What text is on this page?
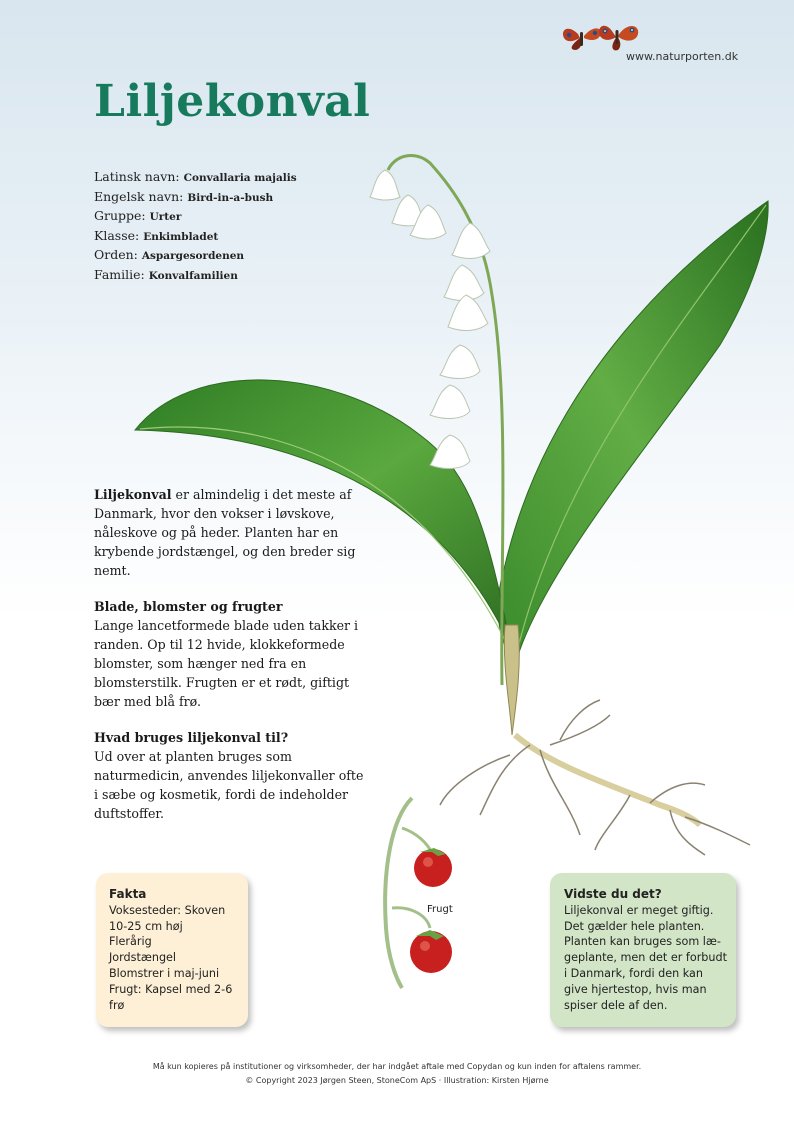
www.naturporten.dk
Liljekonval
Latinsk navn: Convallaria majalis
Engelsk navn: Bird-in-a-bush
Gruppe: Urter
Klasse: Enkimbladet
Orden: Aspargesordenen
Familie: Konvalfamilien

Liljekonval er almindelig i det meste af Danmark, hvor den vokser i løvskove, nåleskove og på heder. Planten har en krybende jordstængel, og den breder sig nemt.

Blade, blomster og frugter

Lange lancetformede blade uden takker i randen. Op til 12 hvide, klokkeformede blomster, som hænger ned fra en blomsterstilk. Frugten er et rødt, giftigt bær med blå frø.

Hvad bruges liljekonval til?

Ud over at planten bruges som naturmedicin, anvendes liljekonvaller ofte i sæbe og kosmetik, fordi de indeholder duftstoffer.

Frugt
Fakta
Voksesteder: Skoven
10-25 cm høj
Flerårig
Jordstængel
Blomstrer i maj-juni
Frugt: Kapsel med 2-6
frø
Vidste du det?
Liljekonval er meget giftig.
Det gælder hele planten.
Planten kan bruges som læ-
geplante, men det er forbudt
i Danmark, fordi den kan
give hjertestop, hvis man
spiser dele af den.
Må kun kopieres på institutioner og virksomheder, der har indgået aftale med Copydan og kun inden for aftalens rammer.
© Copyright 2023 Jørgen Steen, StoneCom ApS · Illustration: Kirsten Hjørne
